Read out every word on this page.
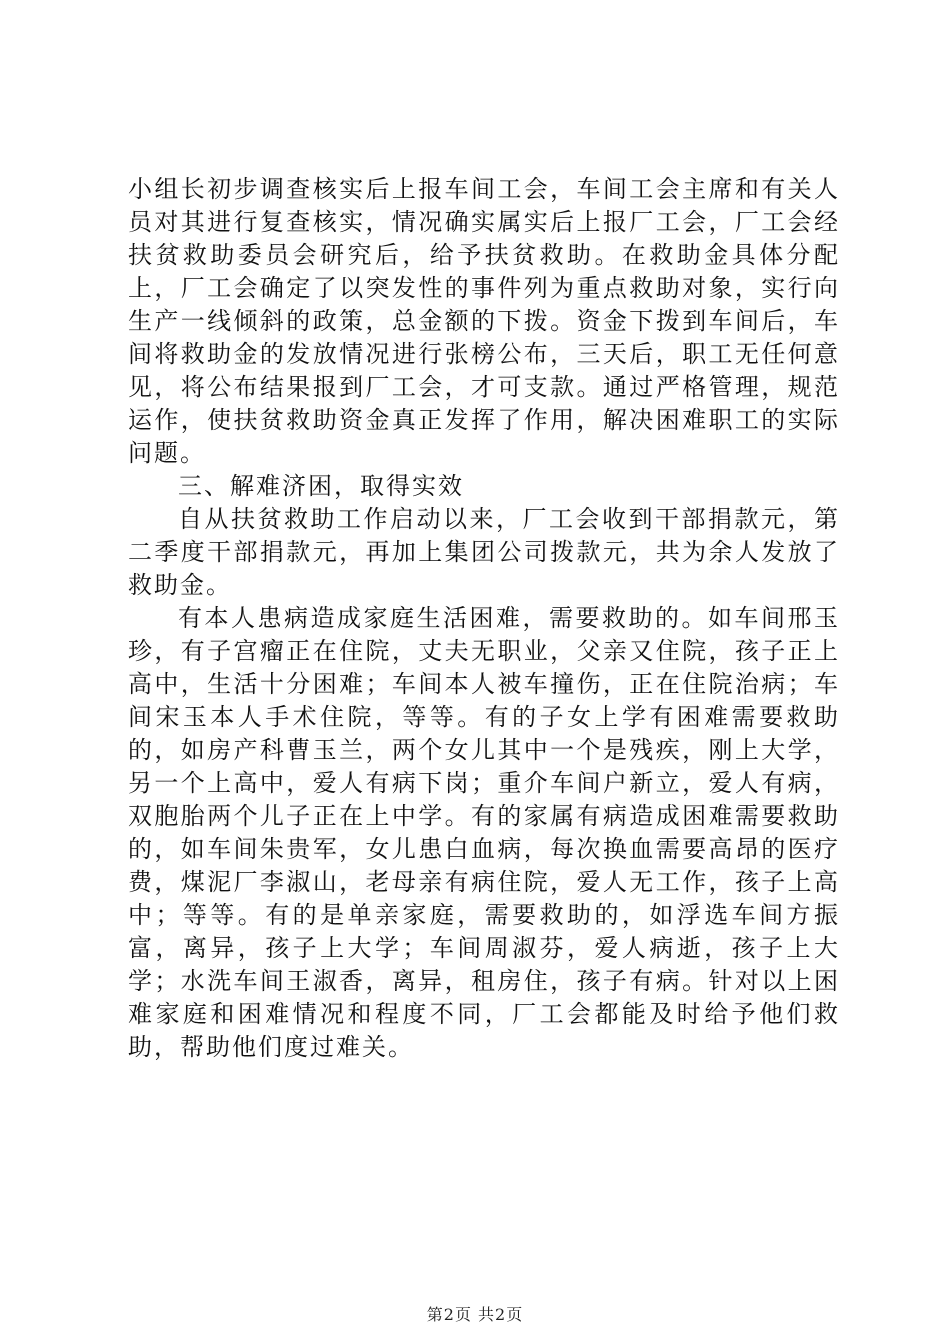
小组长初步调查核实后上报车间工会，车间工会主席和有关人员对其进行复查核实，情况确实属实后上报厂工会，厂工会经扶贫救助委员会研究后，给予扶贫救助。在救助金具体分配上，厂工会确定了以突发性的事件列为重点救助对象，实行向生产一线倾斜的政策，总金额的下拨。资金下拨到车间后，车间将救助金的发放情况进行张榜公布，三天后，职工无任何意见，将公布结果报到厂工会，才可支款。通过严格管理，规范运作，使扶贫救助资金真正发挥了作用，解决困难职工的实际问题。

三、解难济困，取得实效

自从扶贫救助工作启动以来，厂工会收到干部捐款元，第二季度干部捐款元，再加上集团公司拨款元，共为余人发放了救助金。

有本人患病造成家庭生活困难，需要救助的。如车间邢玉珍，有子宫瘤正在住院，丈夫无职业，父亲又住院，孩子正上高中，生活十分困难；车间本人被车撞伤，正在住院治病；车间宋玉本人手术住院，等等。有的子女上学有困难需要救助的，如房产科曹玉兰，两个女儿其中一个是残疾，刚上大学，另一个上高中，爱人有病下岗；重介车间户新立，爱人有病，双胞胎两个儿子正在上中学。有的家属有病造成困难需要救助的，如车间朱贵军，女儿患白血病，每次换血需要高昂的医疗费，煤泥厂李淑山，老母亲有病住院，爱人无工作，孩子上高中；等等。有的是单亲家庭，需要救助的，如浮选车间方振富，离异，孩子上大学；车间周淑芬，爱人病逝，孩子上大学；水洗车间王淑香，离异，租房住，孩子有病。针对以上困难家庭和困难情况和程度不同，厂工会都能及时给予他们救助，帮助他们度过难关。

第2页 共2页
